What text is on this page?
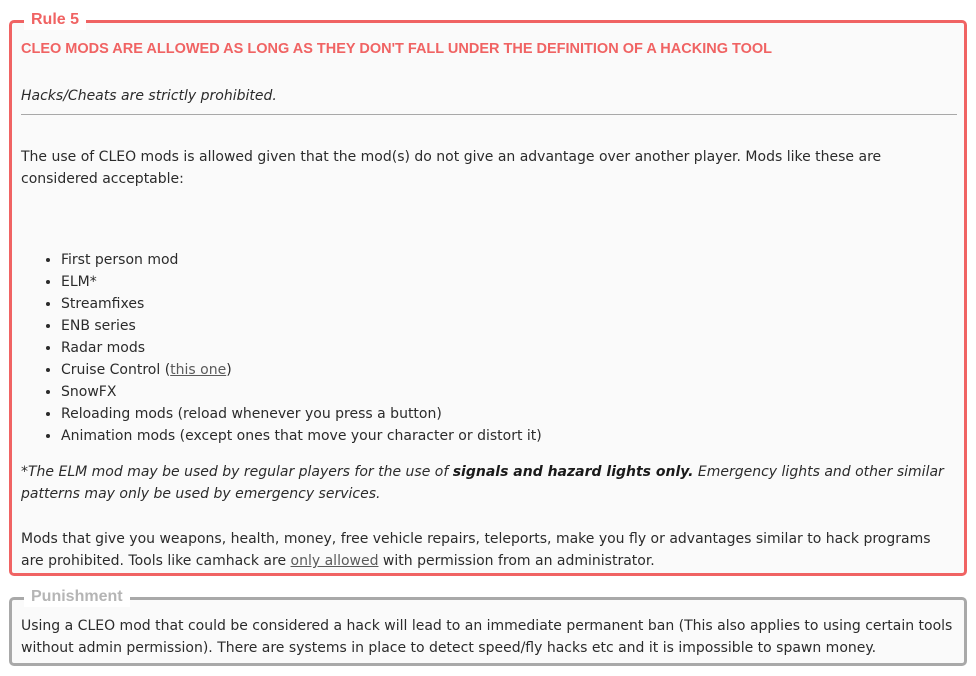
Rule 5
CLEO MODS ARE ALLOWED AS LONG AS THEY DON'T FALL UNDER THE DEFINITION OF A HACKING TOOL

Hacks/Cheats are strictly prohibited.

The use of CLEO mods is allowed given that the mod(s) do not give an advantage over another player. Mods like these are considered acceptable:

• First person mod
• ELM*
• Streamfixes
• ENB series
• Radar mods
• Cruise Control (this one)
• SnowFX
• Reloading mods (reload whenever you press a button)
• Animation mods (except ones that move your character or distort it)

*The ELM mod may be used by regular players for the use of signals and hazard lights only. Emergency lights and other similar patterns may only be used by emergency services.

Mods that give you weapons, health, money, free vehicle repairs, teleports, make you fly or advantages similar to hack programs are prohibited. Tools like camhack are only allowed with permission from an administrator.

Punishment

Using a CLEO mod that could be considered a hack will lead to an immediate permanent ban (This also applies to using certain tools without admin permission). There are systems in place to detect speed/fly hacks etc and it is impossible to spawn money.
